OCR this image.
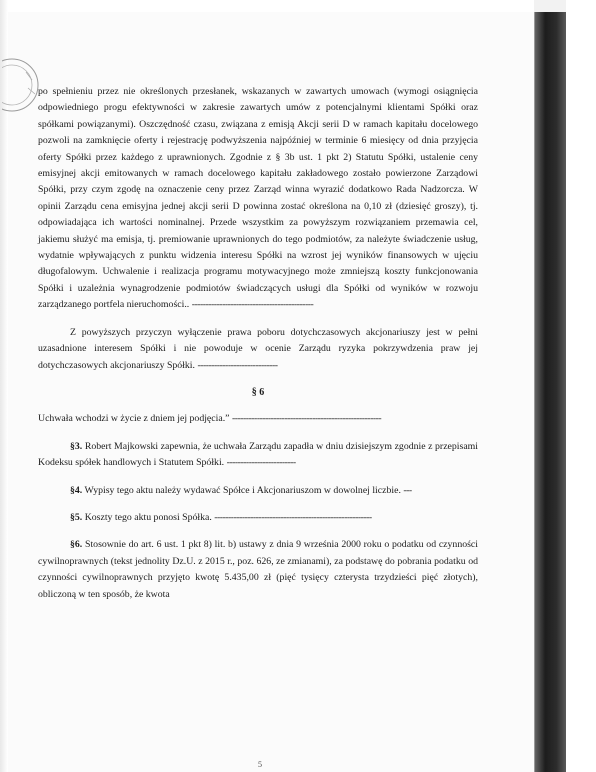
po spełnieniu przez nie określonych przesłanek, wskazanych w zawartych umowach (wymogi osiągnięcia odpowiedniego progu efektywności w zakresie zawartych umów z potencjalnymi klientami Spółki oraz spółkami powiązanymi). Oszczędność czasu, związana z emisją Akcji serii D w ramach kapitału docelowego pozwoli na zamknięcie oferty i rejestrację podwyższenia najpóźniej w terminie 6 miesięcy od dnia przyjęcia oferty Spółki przez każdego z uprawnionych. Zgodnie z § 3b ust. 1 pkt 2) Statutu Spółki, ustalenie ceny emisyjnej akcji emitowanych w ramach docelowego kapitału zakładowego zostało powierzone Zarządowi Spółki, przy czym zgodę na oznaczenie ceny przez Zarząd winna wyrazić dodatkowo Rada Nadzorcza. W opinii Zarządu cena emisyjna jednej akcji serii D powinna zostać określona na 0,10 zł (dziesięć groszy), tj. odpowiadająca ich wartości nominalnej. Przede wszystkim za powyższym rozwiązaniem przemawia cel, jakiemu służyć ma emisja, tj. premiowanie uprawnionych do tego podmiotów, za należyte świadczenie usług, wydatnie wpływających z punktu widzenia interesu Spółki na wzrost jej wyników finansowych w ujęciu długofalowym. Uchwalenie i realizacja programu motywacyjnego może zmniejszą koszty funkcjonowania Spółki i uzależnia wynagrodzenie podmiotów świadczących usługi dla Spółki od wyników w rozwoju zarządzanego portfela nieruchomości.. --------------------------------------------

Z powyższych przyczyn wyłączenie prawa poboru dotychczasowych akcjonariuszy jest w pełni uzasadnione interesem Spółki i nie powoduje w ocenie Zarządu ryzyka pokrzywdzenia praw jej dotychczasowych akcjonariuszy Spółki. -----------------------------

§ 6

Uchwała wchodzi w życie z dniem jej podjęcia.” ------------------------------------------------------

§3. Robert Majkowski zapewnia, że uchwała Zarządu zapadła w dniu dzisiejszym zgodnie z przepisami Kodeksu spółek handlowych i Statutem Spółki. -------------------------

§4. Wypisy tego aktu należy wydawać Spółce i Akcjonariuszom w dowolnej liczbie. ---

§5. Koszty tego aktu ponosi Spółka. ---------------------------------------------------------

§6. Stosownie do art. 6 ust. 1 pkt 8) lit. b) ustawy z dnia 9 września 2000 roku o podatku od czynności cywilnoprawnych (tekst jednolity Dz.U. z 2015 r., poz. 626, ze zmianami), za podstawę do pobrania podatku od czynności cywilnoprawnych przyjęto kwotę 5.435,00 zł (pięć tysięcy czterysta trzydzieści pięć złotych), obliczoną w ten sposób, że kwota

5
